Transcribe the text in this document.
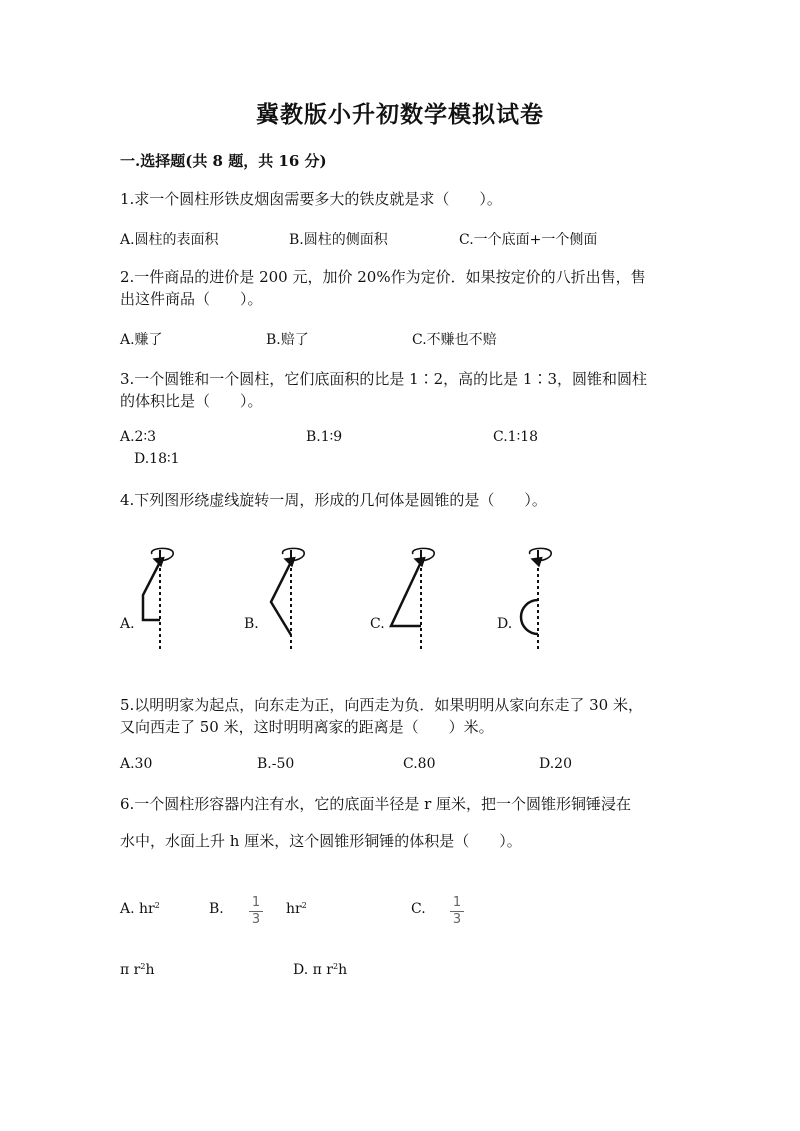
冀教版小升初数学模拟试卷
一.选择题(共 8 题，共 16 分)
1.求一个圆柱形铁皮烟囱需要多大的铁皮就是求（　　）。
A.圆柱的表面积	B.圆柱的侧面积	C.一个底面+一个侧面
2.一件商品的进价是 200 元，加价 20%作为定价．如果按定价的八折出售，售
出这件商品（　　）。
A.赚了	B.赔了	C.不赚也不赔
3.一个圆锥和一个圆柱，它们底面积的比是 1∶2，高的比是 1∶3，圆锥和圆柱
的体积比是（　　）。
A.2∶3	B.1∶9	C.1∶18
D.18∶1
4.下列图形绕虚线旋转一周，形成的几何体是圆锥的是（　　）。
A.	B.	C.	D.
5.以明明家为起点，向东走为正，向西走为负．如果明明从家向东走了 30 米，
又向西走了 50 米，这时明明离家的距离是（　　）米。
A.30	B.-50	C.80	D.20
6.一个圆柱形容器内注有水，它的底面半径是 r 厘米，把一个圆锥形铜锤浸在
水中，水面上升 h 厘米，这个圆锥形铜锤的体积是（　　）。
A. $hr^2$	B.	1
3
$hr^2$	C.	1
3
π $r^2h$	D. π $r^2h$
